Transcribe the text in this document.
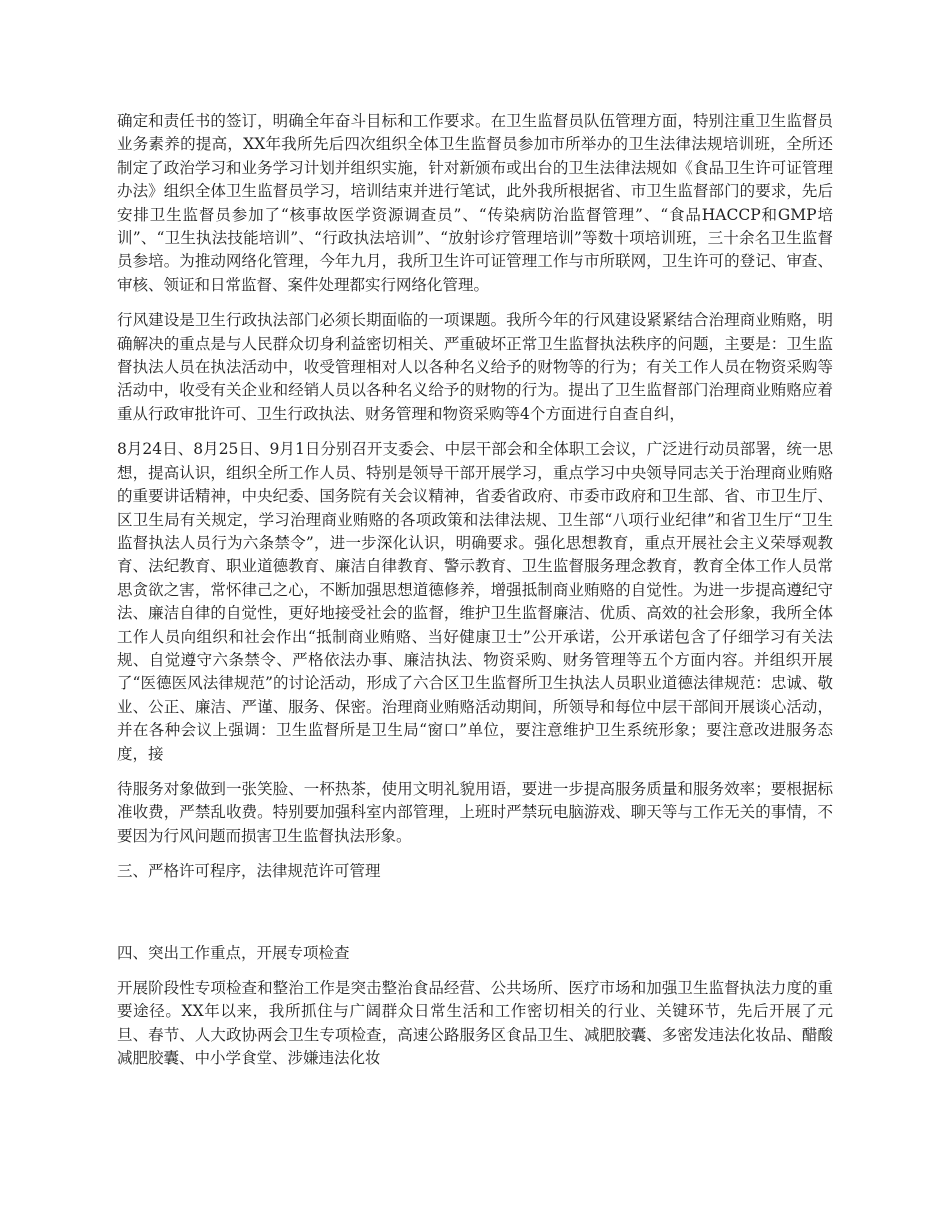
确定和责任书的签订，明确全年奋斗目标和工作要求。在卫生监督员队伍管理方面，特别注重卫生监督员业务素养的提高，XX年我所先后四次组织全体卫生监督员参加市所举办的卫生法律法规培训班，全所还制定了政治学习和业务学习计划并组织实施，针对新颁布或出台的卫生法律法规如《食品卫生许可证管理办法》组织全体卫生监督员学习，培训结束并进行笔试，此外我所根据省、市卫生监督部门的要求，先后安排卫生监督员参加了“核事故医学资源调查员”、“传染病防治监督管理”、“食品HACCP和GMP培训”、“卫生执法技能培训”、“行政执法培训”、“放射诊疗管理培训”等数十项培训班，三十余名卫生监督员参培。为推动网络化管理，今年九月，我所卫生许可证管理工作与市所联网，卫生许可的登记、审查、审核、领证和日常监督、案件处理都实行网络化管理。

行风建设是卫生行政执法部门必须长期面临的一项课题。我所今年的行风建设紧紧结合治理商业贿赂，明确解决的重点是与人民群众切身利益密切相关、严重破坏正常卫生监督执法秩序的问题，主要是：卫生监督执法人员在执法活动中，收受管理相对人以各种名义给予的财物等的行为；有关工作人员在物资采购等活动中，收受有关企业和经销人员以各种名义给予的财物的行为。提出了卫生监督部门治理商业贿赂应着重从行政审批许可、卫生行政执法、财务管理和物资采购等4个方面进行自查自纠，

8月24日、8月25日、9月1日分别召开支委会、中层干部会和全体职工会议，广泛进行动员部署，统一思想，提高认识，组织全所工作人员、特别是领导干部开展学习，重点学习中央领导同志关于治理商业贿赂的重要讲话精神，中央纪委、国务院有关会议精神，省委省政府、市委市政府和卫生部、省、市卫生厅、区卫生局有关规定，学习治理商业贿赂的各项政策和法律法规、卫生部“八项行业纪律”和省卫生厅“卫生监督执法人员行为六条禁令”，进一步深化认识，明确要求。强化思想教育，重点开展社会主义荣辱观教育、法纪教育、职业道德教育、廉洁自律教育、警示教育、卫生监督服务理念教育，教育全体工作人员常思贪欲之害，常怀律己之心，不断加强思想道德修养，增强抵制商业贿赂的自觉性。为进一步提高遵纪守法、廉洁自律的自觉性，更好地接受社会的监督，维护卫生监督廉洁、优质、高效的社会形象，我所全体工作人员向组织和社会作出“抵制商业贿赂、当好健康卫士”公开承诺，公开承诺包含了仔细学习有关法规、自觉遵守六条禁令、严格依法办事、廉洁执法、物资采购、财务管理等五个方面内容。并组织开展了“医德医风法律规范”的讨论活动，形成了六合区卫生监督所卫生执法人员职业道德法律规范：忠诚、敬业、公正、廉洁、严谨、服务、保密。治理商业贿赂活动期间，所领导和每位中层干部间开展谈心活动，并在各种会议上强调：卫生监督所是卫生局“窗口”单位，要注意维护卫生系统形象；要注意改进服务态度，接

待服务对象做到一张笑脸、一杯热茶，使用文明礼貌用语，要进一步提高服务质量和服务效率；要根据标准收费，严禁乱收费。特别要加强科室内部管理，上班时严禁玩电脑游戏、聊天等与工作无关的事情，不要因为行风问题而损害卫生监督执法形象。

三、严格许可程序，法律规范许可管理

四、突出工作重点，开展专项检查

开展阶段性专项检查和整治工作是突击整治食品经营、公共场所、医疗市场和加强卫生监督执法力度的重要途径。XX年以来，我所抓住与广阔群众日常生活和工作密切相关的行业、关键环节，先后开展了元旦、春节、人大政协两会卫生专项检查，高速公路服务区食品卫生、减肥胶囊、多密发违法化妆品、醋酸减肥胶囊、中小学食堂、涉嫌违法化妆
